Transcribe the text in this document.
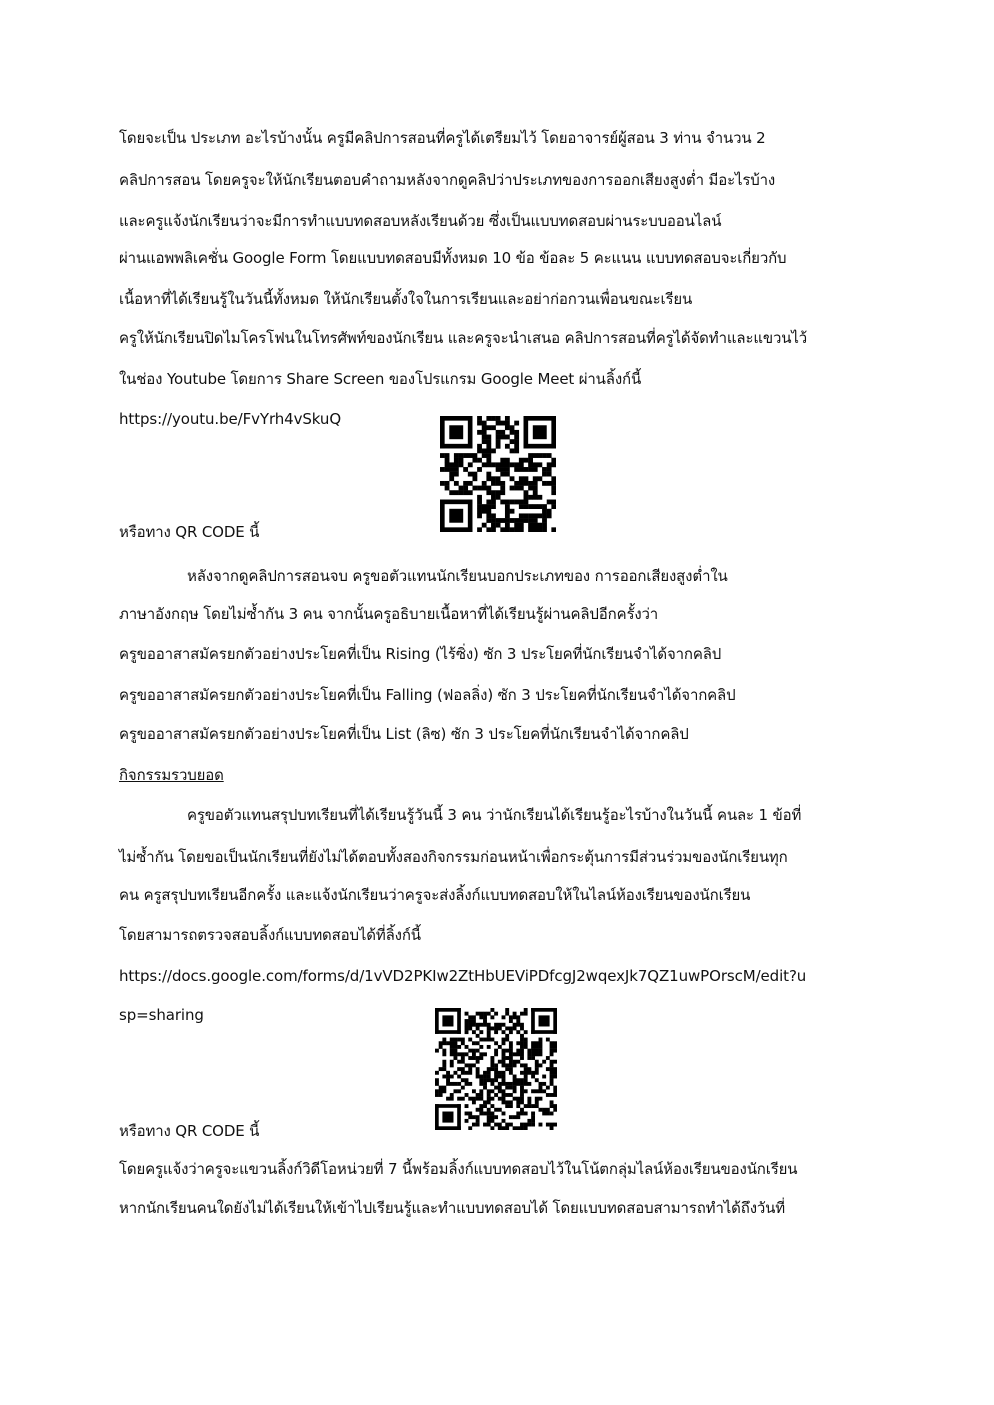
โดยจะเป็น ประเภท อะไรบ้างนั้น ครูมีคลิปการสอนที่ครูได้เตรียมไว้ โดยอาจารย์ผู้สอน 3 ท่าน จำนวน 2
คลิปการสอน โดยครูจะให้นักเรียนตอบคำถามหลังจากดูคลิปว่าประเภทของการออกเสียงสูงต่ำ มีอะไรบ้าง
และครูแจ้งนักเรียนว่าจะมีการทำแบบทดสอบหลังเรียนด้วย ซึ่งเป็นแบบทดสอบผ่านระบบออนไลน์
ผ่านแอพพลิเคชั่น Google Form โดยแบบทดสอบมีทั้งหมด 10 ข้อ ข้อละ 5 คะแนน แบบทดสอบจะเกี่ยวกับ
เนื้อหาที่ได้เรียนรู้ในวันนี้ทั้งหมด ให้นักเรียนตั้งใจในการเรียนและอย่าก่อกวนเพื่อนขณะเรียน
ครูให้นักเรียนปิดไมโครโฟนในโทรศัพท์ของนักเรียน และครูจะนำเสนอ คลิปการสอนที่ครูได้จัดทำและแขวนไว้
ในช่อง Youtube โดยการ Share Screen ของโปรแกรม Google Meet ผ่านลิ้งก์นี้
https://youtu.be/FvYrh4vSkuQ
หรือทาง QR CODE นี้
หลังจากดูคลิปการสอนจบ ครูขอตัวแทนนักเรียนบอกประเภทของ การออกเสียงสูงต่ำใน
ภาษาอังกฤษ โดยไม่ซ้ำกัน 3 คน จากนั้นครูอธิบายเนื้อหาที่ได้เรียนรู้ผ่านคลิปอีกครั้งว่า
ครูขออาสาสมัครยกตัวอย่างประโยคที่เป็น Rising (ไร้ซิ่ง) ซัก 3 ประโยคที่นักเรียนจำได้จากคลิป
ครูขออาสาสมัครยกตัวอย่างประโยคที่เป็น Falling (ฟอลลิ่ง) ซัก 3 ประโยคที่นักเรียนจำได้จากคลิป
ครูขออาสาสมัครยกตัวอย่างประโยคที่เป็น List (ลิซ) ซัก 3 ประโยคที่นักเรียนจำได้จากคลิป
กิจกรรมรวบยอด
ครูขอตัวแทนสรุปบทเรียนที่ได้เรียนรู้วันนี้ 3 คน ว่านักเรียนได้เรียนรู้อะไรบ้างในวันนี้ คนละ 1 ข้อที่
ไม่ซ้ำกัน โดยขอเป็นนักเรียนที่ยังไม่ได้ตอบทั้งสองกิจกรรมก่อนหน้าเพื่อกระตุ้นการมีส่วนร่วมของนักเรียนทุก
คน ครูสรุปบทเรียนอีกครั้ง และแจ้งนักเรียนว่าครูจะส่งลิ้งก์แบบทดสอบให้ในไลน์ห้องเรียนของนักเรียน
โดยสามารถตรวจสอบลิ้งก์แบบทดสอบได้ที่ลิ้งก์นี้
https://docs.google.com/forms/d/1vVD2PKIw2ZtHbUEViPDfcgJ2wqexJk7QZ1uwPOrscM/edit?u
sp=sharing
หรือทาง QR CODE นี้
โดยครูแจ้งว่าครูจะแขวนลิ้งก์วิดีโอหน่วยที่ 7 นี้พร้อมลิ้งก์แบบทดสอบไว้ในโน้ตกลุ่มไลน์ห้องเรียนของนักเรียน
หากนักเรียนคนใดยังไม่ได้เรียนให้เข้าไปเรียนรู้และทำแบบทดสอบได้ โดยแบบทดสอบสามารถทำได้ถึงวันที่
